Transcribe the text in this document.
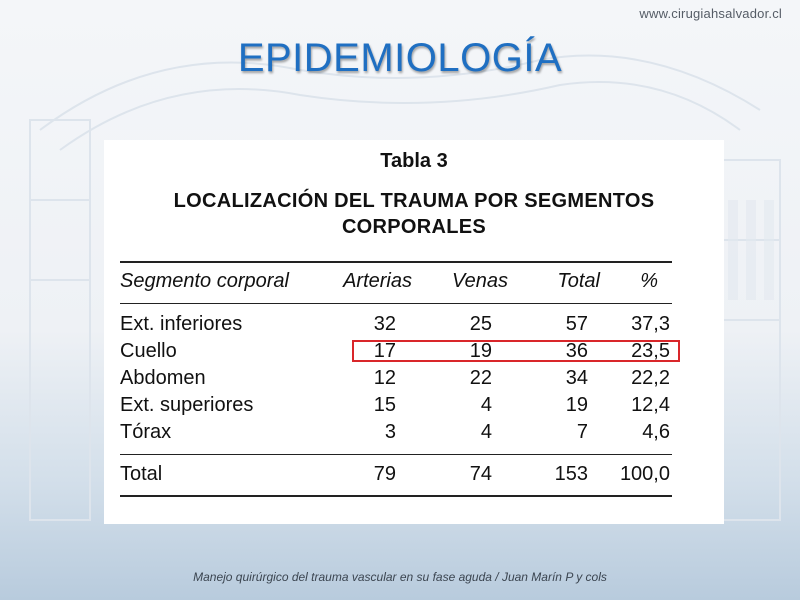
www.cirugiahsalvador.cl
EPIDEMIOLOGÍA
Tabla 3
LOCALIZACIÓN DEL TRAUMA POR SEGMENTOS
CORPORALES
Segmento corporal	Arterias	Venas	Total	%
Ext. inferiores	32	25	57	37,3
Cuello	17	19	36	23,5
Abdomen	12	22	34	22,2
Ext. superiores	15	4	19	12,4
Tórax	3	4	7	4,6
Total	79	74	153	100,0
Manejo quirúrgico del trauma vascular en su fase aguda / Juan Marín P y cols
